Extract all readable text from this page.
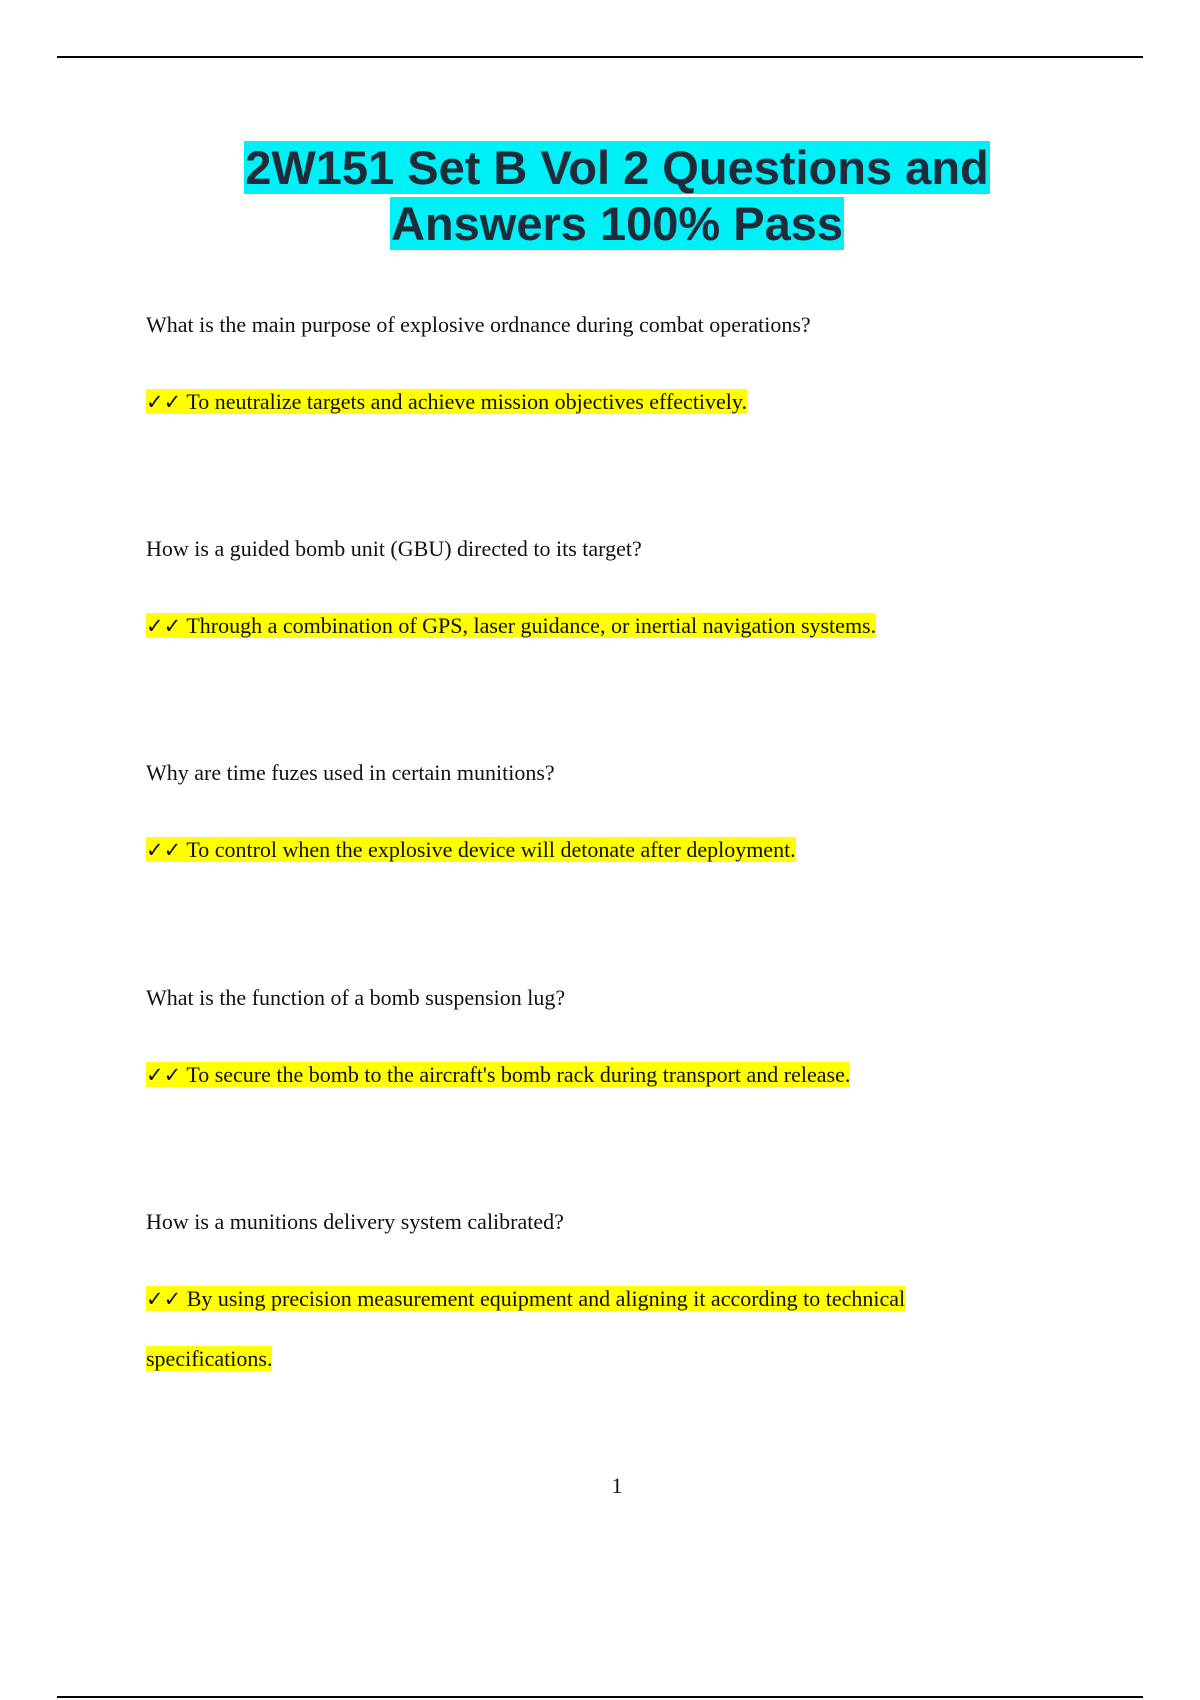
2W151 Set B Vol 2 Questions and
Answers 100% Pass

What is the main purpose of explosive ordnance during combat operations?

✓✓ To neutralize targets and achieve mission objectives effectively.

How is a guided bomb unit (GBU) directed to its target?

✓✓ Through a combination of GPS, laser guidance, or inertial navigation systems.

Why are time fuzes used in certain munitions?

✓✓ To control when the explosive device will detonate after deployment.

What is the function of a bomb suspension lug?

✓✓ To secure the bomb to the aircraft's bomb rack during transport and release.

How is a munitions delivery system calibrated?

✓✓ By using precision measurement equipment and aligning it according to technical
specifications.

1
